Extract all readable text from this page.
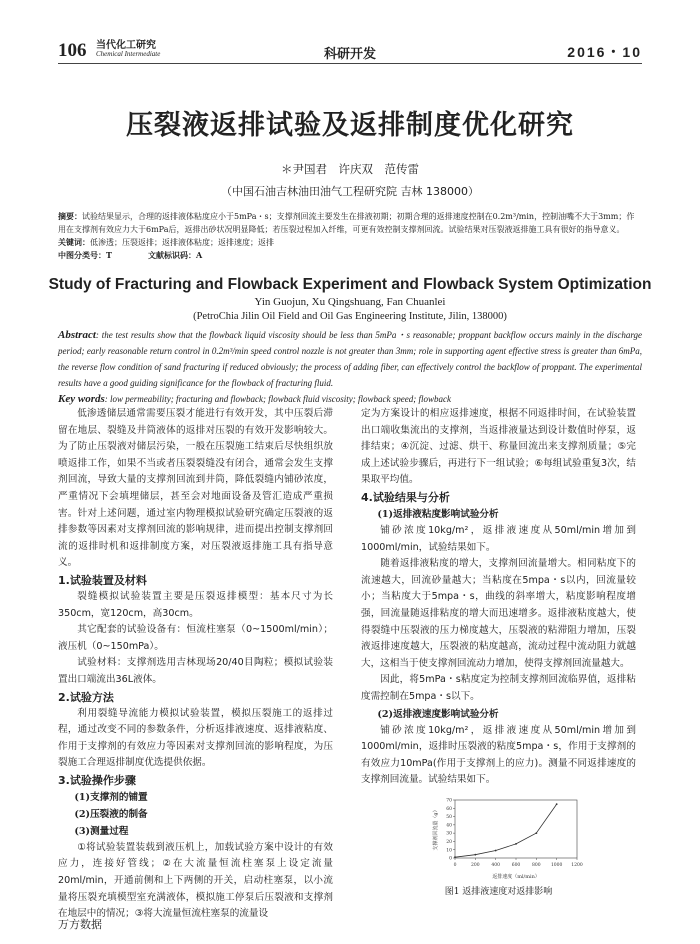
106 当代化工研究
Chemical Intermediate	科研开发	2016・10
压裂液返排试验及返排制度优化研究
＊尹国君　许庆双　范传雷
（中国石油吉林油田油气工程研究院 吉林 138000）

摘要：试验结果显示，合理的返排液体粘度应小于5mPa・s；支撑剂回流主要发生在排液初期；初期合理的返排速度控制在0.2m³/min，控制油嘴不大于3mm；作用在支撑剂有效应力大于6mPa后，返排出砂状况明显降低；若压裂过程加入纤维，可更有效控制支撑剂回流。试验结果对压裂液返排施工具有很好的指导意义。

关键词：低渗透；压裂返排；返排液体粘度；返排速度；返排

中图分类号：T	文献标识码：A

Study of Fracturing and Flowback Experiment and Flowback System Optimization
Yin Guojun, Xu Qingshuang, Fan Chuanlei
(PetroChia Jilin Oil Field and Oil Gas Engineering Institute, Jilin, 138000)

Abstract: the test results show that the flowback liquid viscosity should be less than 5mPa・s reasonable; proppant backflow occurs mainly in the discharge period; early reasonable return control in 0.2m³/min speed control nozzle is not greater than 3mm; role in supporting agent effective stress is greater than 6mPa, the reverse flow condition of sand fracturing if reduced obviously; the process of adding fiber, can effectively control the backflow of proppant. The experimental results have a good guiding significance for the flowback of fracturing fluid.

Key words: low permeability; fracturing and flowback; flowback fluid viscosity; flowback speed; flowback

低渗透储层通常需要压裂才能进行有效开发，其中压裂后滞留在地层、裂缝及井筒液体的返排对压裂的有效开发影响较大。为了防止压裂液对储层污染，一般在压裂施工结束后尽快组织放喷返排工作，如果不当或者压裂裂缝没有闭合，通常会发生支撑剂回流，导致大量的支撑剂回流到井筒，降低裂缝内铺砂浓度，严重情况下会填埋储层，甚至会对地面设备及管汇造成严重损害。针对上述问题，通过室内物理模拟试验研究确定压裂液的返排参数等因素对支撑剂回流的影响规律，进而提出控制支撑剂回流的返排时机和返排制度方案，对压裂液返排施工具有指导意义。

1.试验装置及材料

裂缝模拟试验装置主要是压裂返排模型：基本尺寸为长350cm，宽120cm，高30cm。

其它配套的试验设备有：恒流柱塞泵（0~1500ml/min）；液压机（0~150mPa）。

试验材料：支撑剂选用吉林现场20/40目陶粒；模拟试验装置出口端流出36L液体。

2.试验方法

利用裂缝导流能力模拟试验装置，模拟压裂施工的返排过程，通过改变不同的参数条件，分析返排液速度、返排液粘度、作用于支撑剂的有效应力等因素对支撑剂回流的影响程度，为压裂施工合理返排制度优选提供依据。

3.试验操作步骤
(1)支撑剂的铺置
(2)压裂液的制备
(3)测量过程

①将试验装置装载到液压机上，加载试验方案中设计的有效应力，连接好管线；②在大流量恒流柱塞泵上设定流量20ml/min，开通前侧和上下两侧的开关，启动柱塞泵，以小流量将压裂充填模型室充满液体，模拟施工停泵后压裂液和支撑剂在地层中的情况；③将大流量恒流柱塞泵的流量设

定为方案设计的相应返排速度，根据不同返排时间，在试验装置出口端收集流出的支撑剂，当返排液量达到设计数值时停泵，返排结束；④沉淀、过滤、烘干、称量回流出来支撑剂质量；⑤完成上述试验步骤后，再进行下一组试验；⑥每组试验重复3次，结果取平均值。

4.试验结果与分析
(1)返排液粘度影响试验分析

铺砂浓度10kg/m²，返排液速度从50ml/min增加到1000ml/min，试验结果如下。

随着返排液粘度的增大，支撑剂回流量增大。相同粘度下的流速越大，回流砂量越大；当粘度在5mpa・s以内，回流量较小；当粘度大于5mpa・s，曲线的斜率增大，粘度影响程度增强，回流量随返排粘度的增大而迅速增多。返排液粘度越大，使得裂缝中压裂液的压力梯度越大，压裂液的粘滞阻力增加，压裂液返排速度越大，压裂液的粘度越高，流动过程中流动阻力就越大，这相当于使支撑剂回流动力增加，使得支撑剂回流量越大。

因此，将5mPa・s粘度定为控制支撑剂回流临界值，返排粘度需控制在5mpa・s以下。

(2)返排液速度影响试验分析

铺砂浓度10kg/m²，返排液速度从50ml/min增加到1000ml/min，返排时压裂液的粘度5mpa・s，作用于支撑剂的有效应力10mPa(作用于支撑剂上的应力)。测量不同返排速度的支撑剂回流量。试验结果如下。

0
10
20
30
40
50
60
70
0	200	400	600	800 1000 1200
返排速度（ml/min）
支撑剂回流量（g）
图1 返排液速度对返排影响
万方数据
